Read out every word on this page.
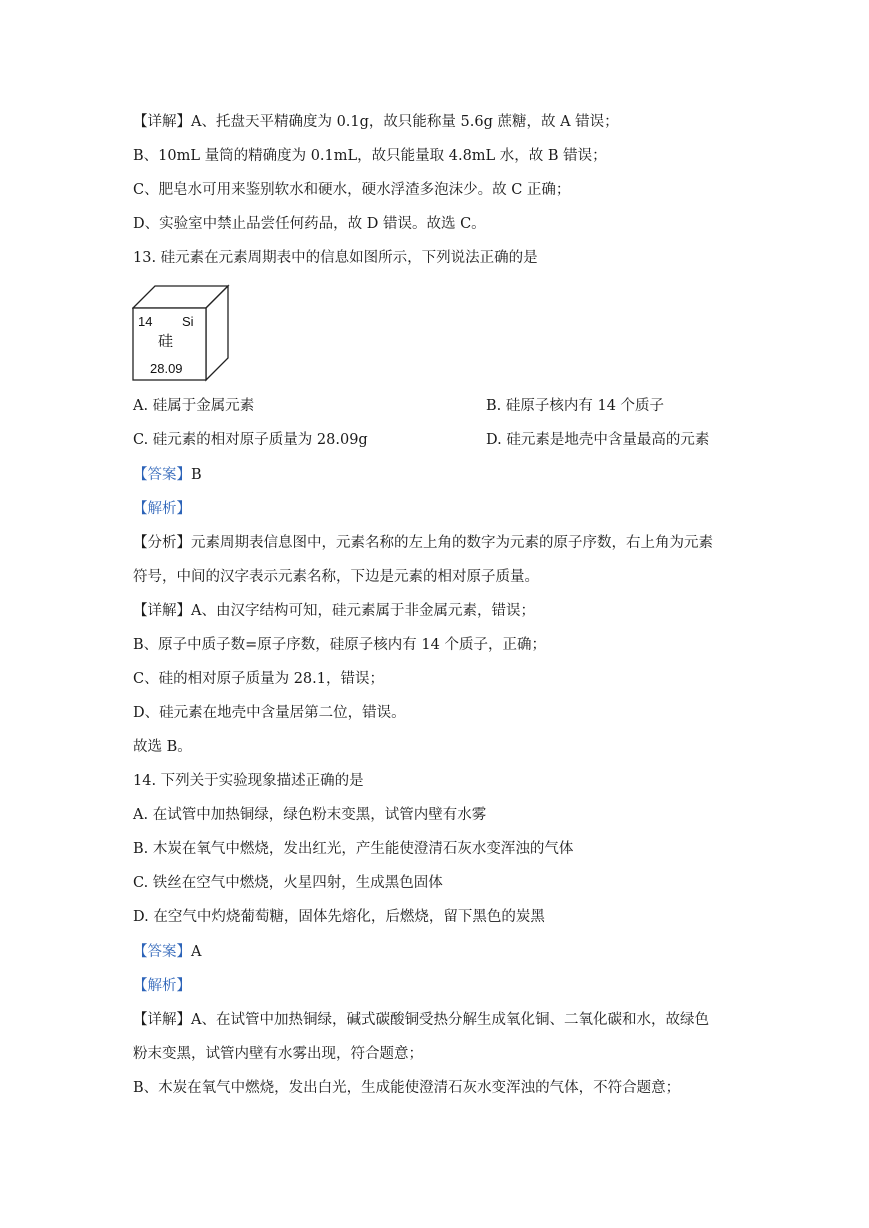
【详解】A、托盘天平精确度为 0.1g，故只能称量 5.6g 蔗糖，故 A 错误；
B、10mL 量筒的精确度为 0.1mL，故只能量取 4.8mL 水，故 B 错误；
C、肥皂水可用来鉴别软水和硬水，硬水浮渣多泡沫少。故 C 正确；
D、实验室中禁止品尝任何药品，故 D 错误。故选 C。
13. 硅元素在元素周期表中的信息如图所示，下列说法正确的是
14 Si
硅
28.09
A. 硅属于金属元素	B. 硅原子核内有 14 个质子
C. 硅元素的相对原子质量为 28.09g	D. 硅元素是地壳中含量最高的元素
【答案】B
【解析】
【分析】元素周期表信息图中，元素名称的左上角的数字为元素的原子序数，右上角为元素
符号，中间的汉字表示元素名称，下边是元素的相对原子质量。
【详解】A、由汉字结构可知，硅元素属于非金属元素，错误；
B、原子中质子数=原子序数，硅原子核内有 14 个质子，正确；
C、硅的相对原子质量为 28.1，错误；
D、硅元素在地壳中含量居第二位，错误。
故选 B。
14. 下列关于实验现象描述正确的是
A. 在试管中加热铜绿，绿色粉末变黑，试管内壁有水雾
B. 木炭在氧气中燃烧，发出红光，产生能使澄清石灰水变浑浊的气体
C. 铁丝在空气中燃烧，火星四射，生成黑色固体
D. 在空气中灼烧葡萄糖，固体先熔化，后燃烧，留下黑色的炭黑
【答案】A
【解析】
【详解】A、在试管中加热铜绿，碱式碳酸铜受热分解生成氧化铜、二氧化碳和水，故绿色
粉末变黑，试管内壁有水雾出现，符合题意；
B、木炭在氧气中燃烧，发出白光，生成能使澄清石灰水变浑浊的气体，不符合题意；
